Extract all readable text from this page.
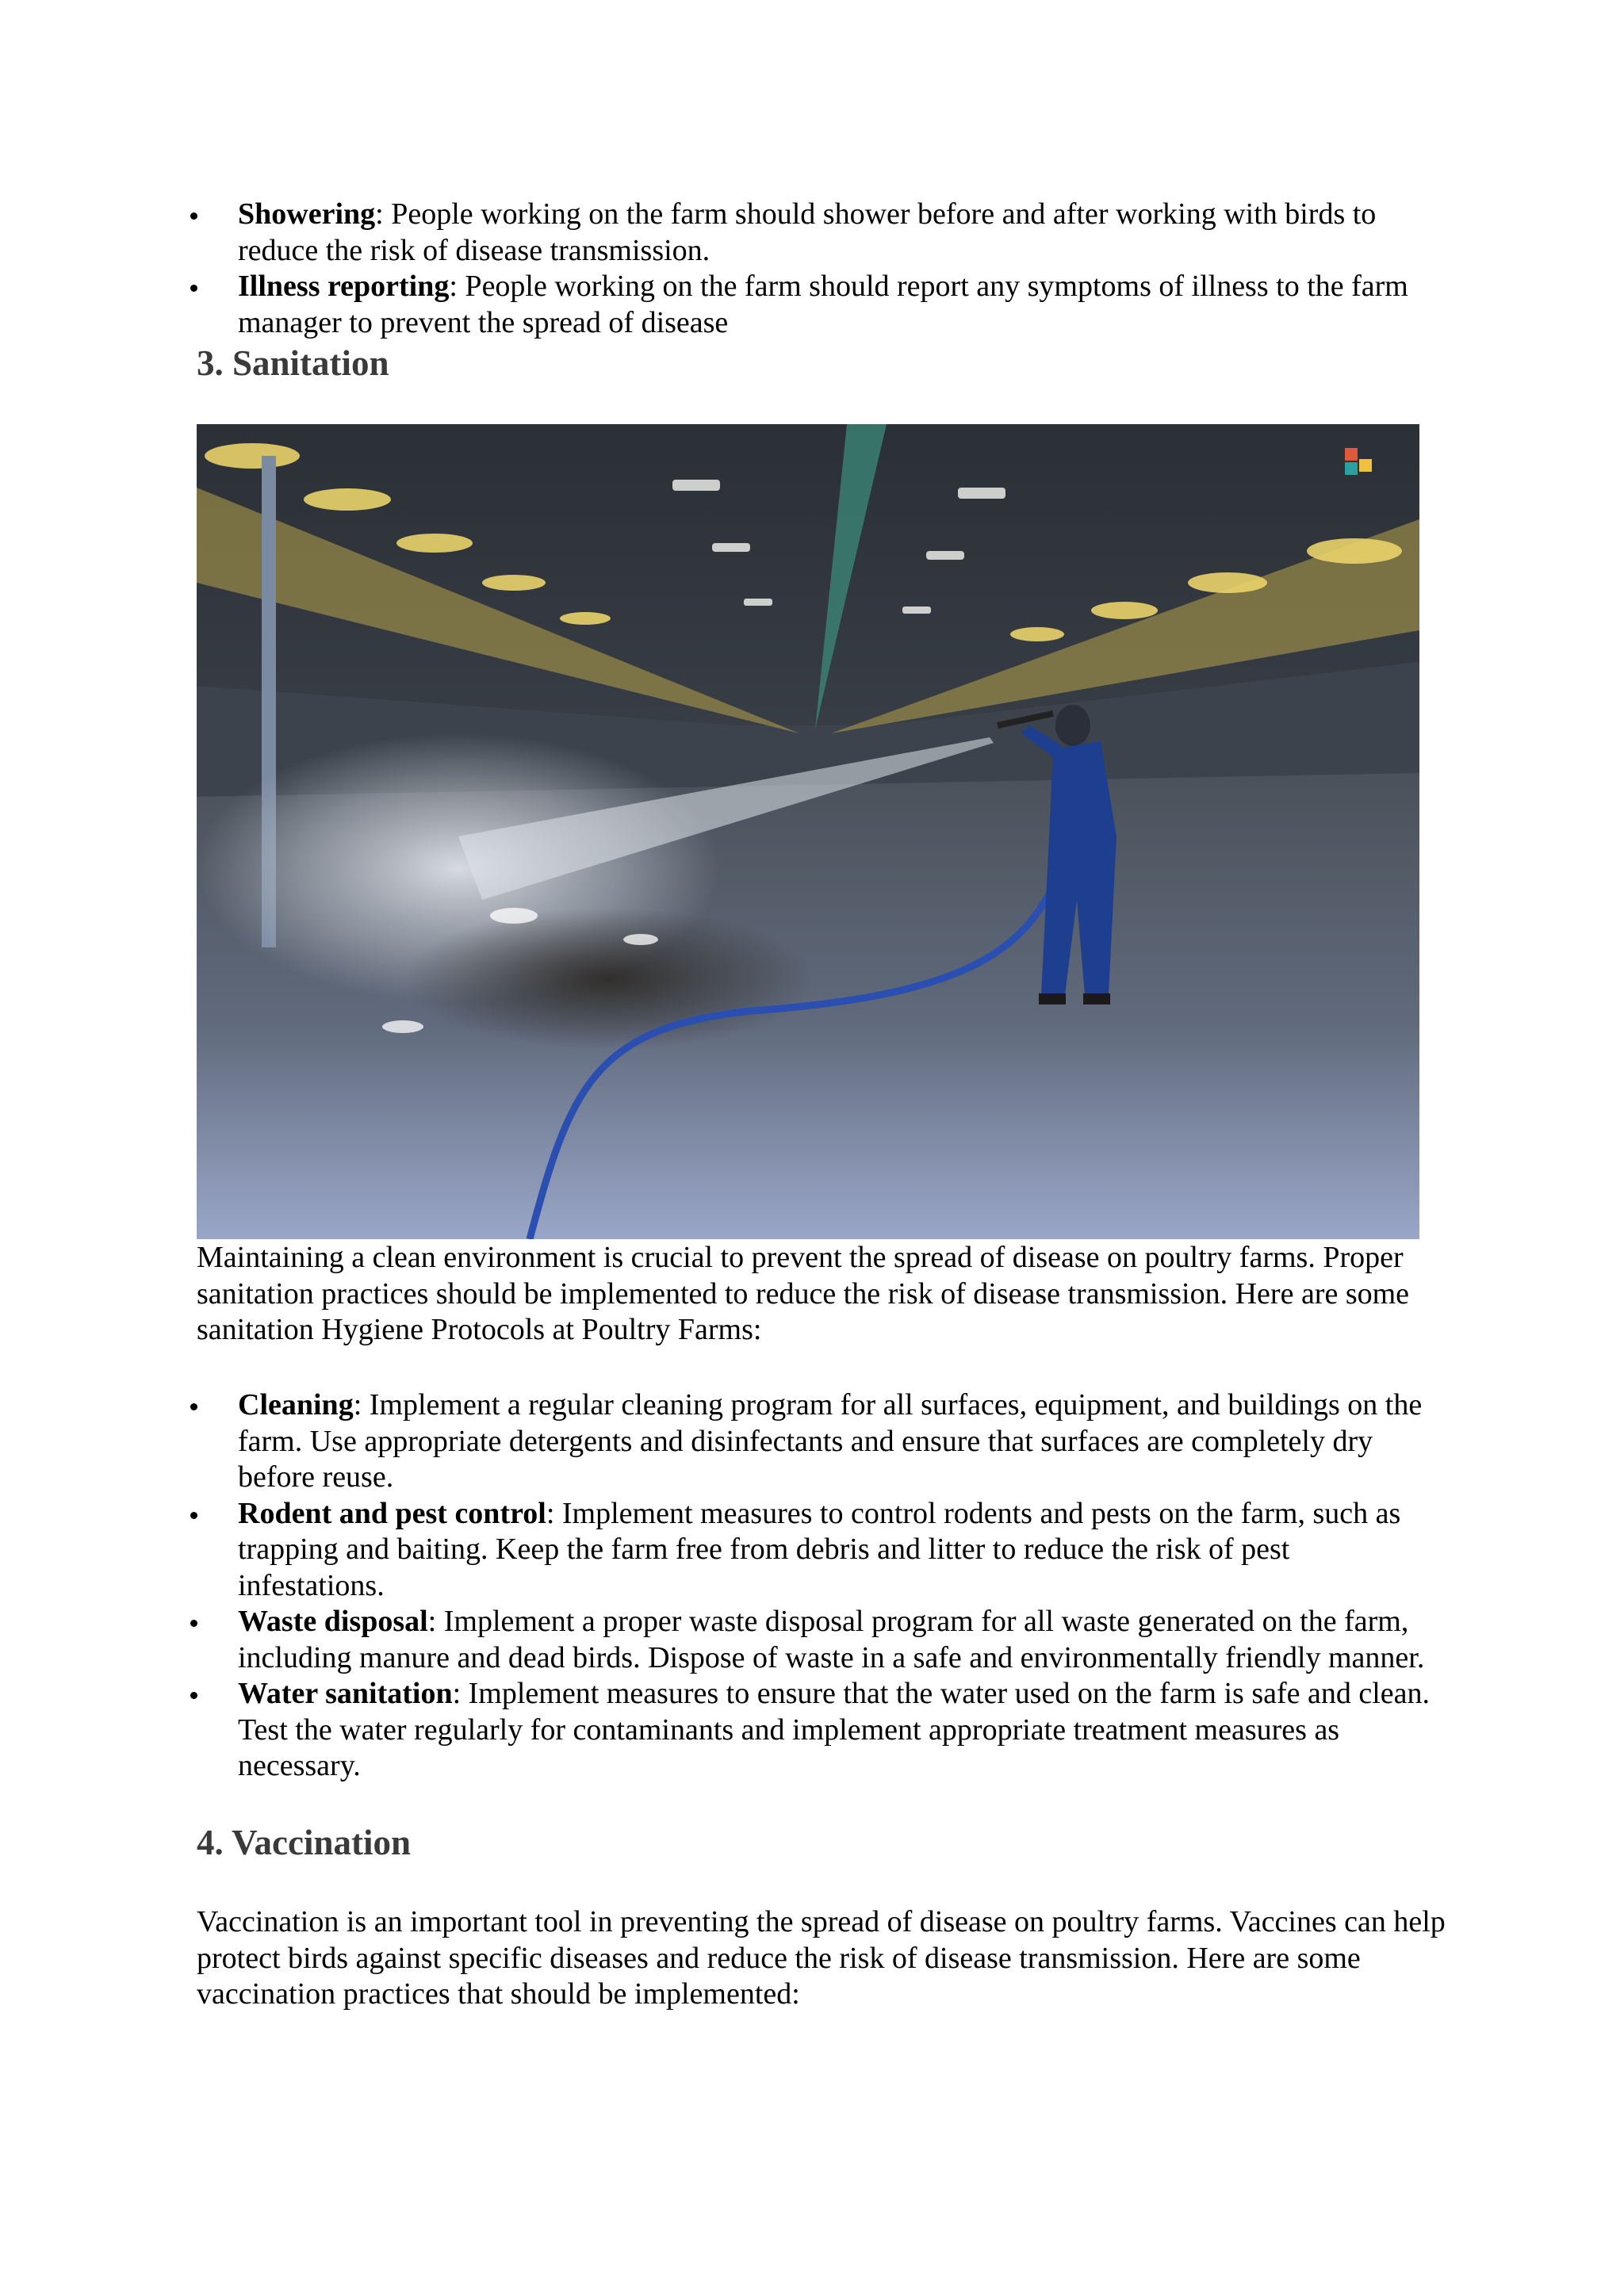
Showering: People working on the farm should shower before and after working with birds to reduce the risk of disease transmission.
Illness reporting: People working on the farm should report any symptoms of illness to the farm manager to prevent the spread of disease
3. Sanitation

Maintaining a clean environment is crucial to prevent the spread of disease on poultry farms. Proper sanitation practices should be implemented to reduce the risk of disease transmission. Here are some sanitation Hygiene Protocols at Poultry Farms:

Cleaning: Implement a regular cleaning program for all surfaces, equipment, and buildings on the farm. Use appropriate detergents and disinfectants and ensure that surfaces are completely dry before reuse.
Rodent and pest control: Implement measures to control rodents and pests on the farm, such as trapping and baiting. Keep the farm free from debris and litter to reduce the risk of pest infestations.
Waste disposal: Implement a proper waste disposal program for all waste generated on the farm, including manure and dead birds. Dispose of waste in a safe and environmentally friendly manner.
Water sanitation: Implement measures to ensure that the water used on the farm is safe and clean. Test the water regularly for contaminants and implement appropriate treatment measures as necessary.
4. Vaccination

Vaccination is an important tool in preventing the spread of disease on poultry farms. Vaccines can help protect birds against specific diseases and reduce the risk of disease transmission. Here are some vaccination practices that should be implemented:
